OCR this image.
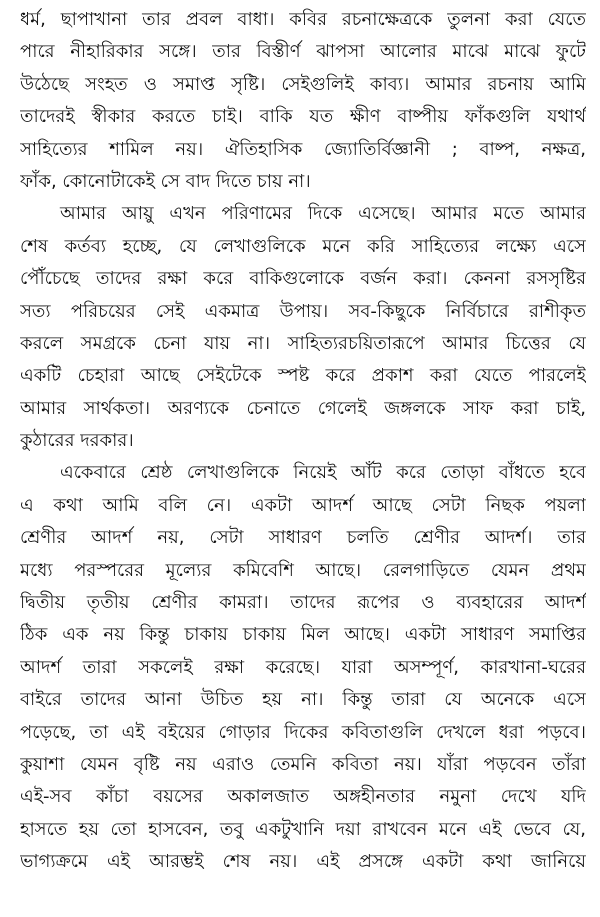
ধর্ম, ছাপাখানা তার প্রবল বাধা। কবির রচনাক্ষেত্রকে তুলনা করা যেতে
পারে নীহারিকার সঙ্গে। তার বিস্তীর্ণ ঝাপসা আলোর মাঝে মাঝে ফুটে
উঠেছে সংহত ও সমাপ্ত সৃষ্টি। সেইগুলিই কাব্য। আমার রচনায় আমি
তাদেরই স্বীকার করতে চাই। বাকি যত ক্ষীণ বাষ্পীয় ফাঁকগুলি যথার্থ
সাহিত্যের শামিল নয়। ঐতিহাসিক জ্যোতির্বিজ্ঞানী ; বাষ্প, নক্ষত্র,
ফাঁক, কোনোটাকেই সে বাদ দিতে চায় না।
আমার আয়ু এখন পরিণামের দিকে এসেছে। আমার মতে আমার
শেষ কর্তব্য হচ্ছে, যে লেখাগুলিকে মনে করি সাহিত্যের লক্ষ্যে এসে
পৌঁচেছে তাদের রক্ষা করে বাকিগুলোকে বর্জন করা। কেননা রসসৃষ্টির
সত্য পরিচয়ের সেই একমাত্র উপায়। সব-কিছুকে নির্বিচারে রাশীকৃত
করলে সমগ্রকে চেনা যায় না। সাহিত্যরচয়িতারূপে আমার চিত্তের যে
একটি চেহারা আছে সেইটেকে স্পষ্ট করে প্রকাশ করা যেতে পারলেই
আমার সার্থকতা। অরণ্যকে চেনাতে গেলেই জঙ্গলকে সাফ করা চাই,
কুঠারের দরকার।
একেবারে শ্রেষ্ঠ লেখাগুলিকে নিয়েই আঁট করে তোড়া বাঁধতে হবে
এ কথা আমি বলি নে। একটা আদর্শ আছে সেটা নিছক পয়লা
শ্রেণীর আদর্শ নয়, সেটা সাধারণ চলতি শ্রেণীর আদর্শ। তার
মধ্যে পরস্পরের মূল্যের কমিবেশি আছে। রেলগাড়িতে যেমন প্রথম
দ্বিতীয় তৃতীয় শ্রেণীর কামরা। তাদের রূপের ও ব্যবহারের আদর্শ
ঠিক এক নয় কিন্তু চাকায় চাকায় মিল আছে। একটা সাধারণ সমাপ্তির
আদর্শ তারা সকলেই রক্ষা করেছে। যারা অসম্পূর্ণ, কারখানা-ঘরের
বাইরে তাদের আনা উচিত হয় না। কিন্তু তারা যে অনেকে এসে
পড়েছে, তা এই বইয়ের গোড়ার দিকের কবিতাগুলি দেখলে ধরা পড়বে।
কুয়াশা যেমন বৃষ্টি নয় এরাও তেমনি কবিতা নয়। যাঁরা পড়বেন তাঁরা
এই-সব কাঁচা বয়সের অকালজাত অঙ্গহীনতার নমুনা দেখে যদি
হাসতে হয় তো হাসবেন, তবু একটুখানি দয়া রাখবেন মনে এই ভেবে যে,
ভাগ্যক্রমে এই আরম্ভই শেষ নয়। এই প্রসঙ্গে একটা কথা জানিয়ে
